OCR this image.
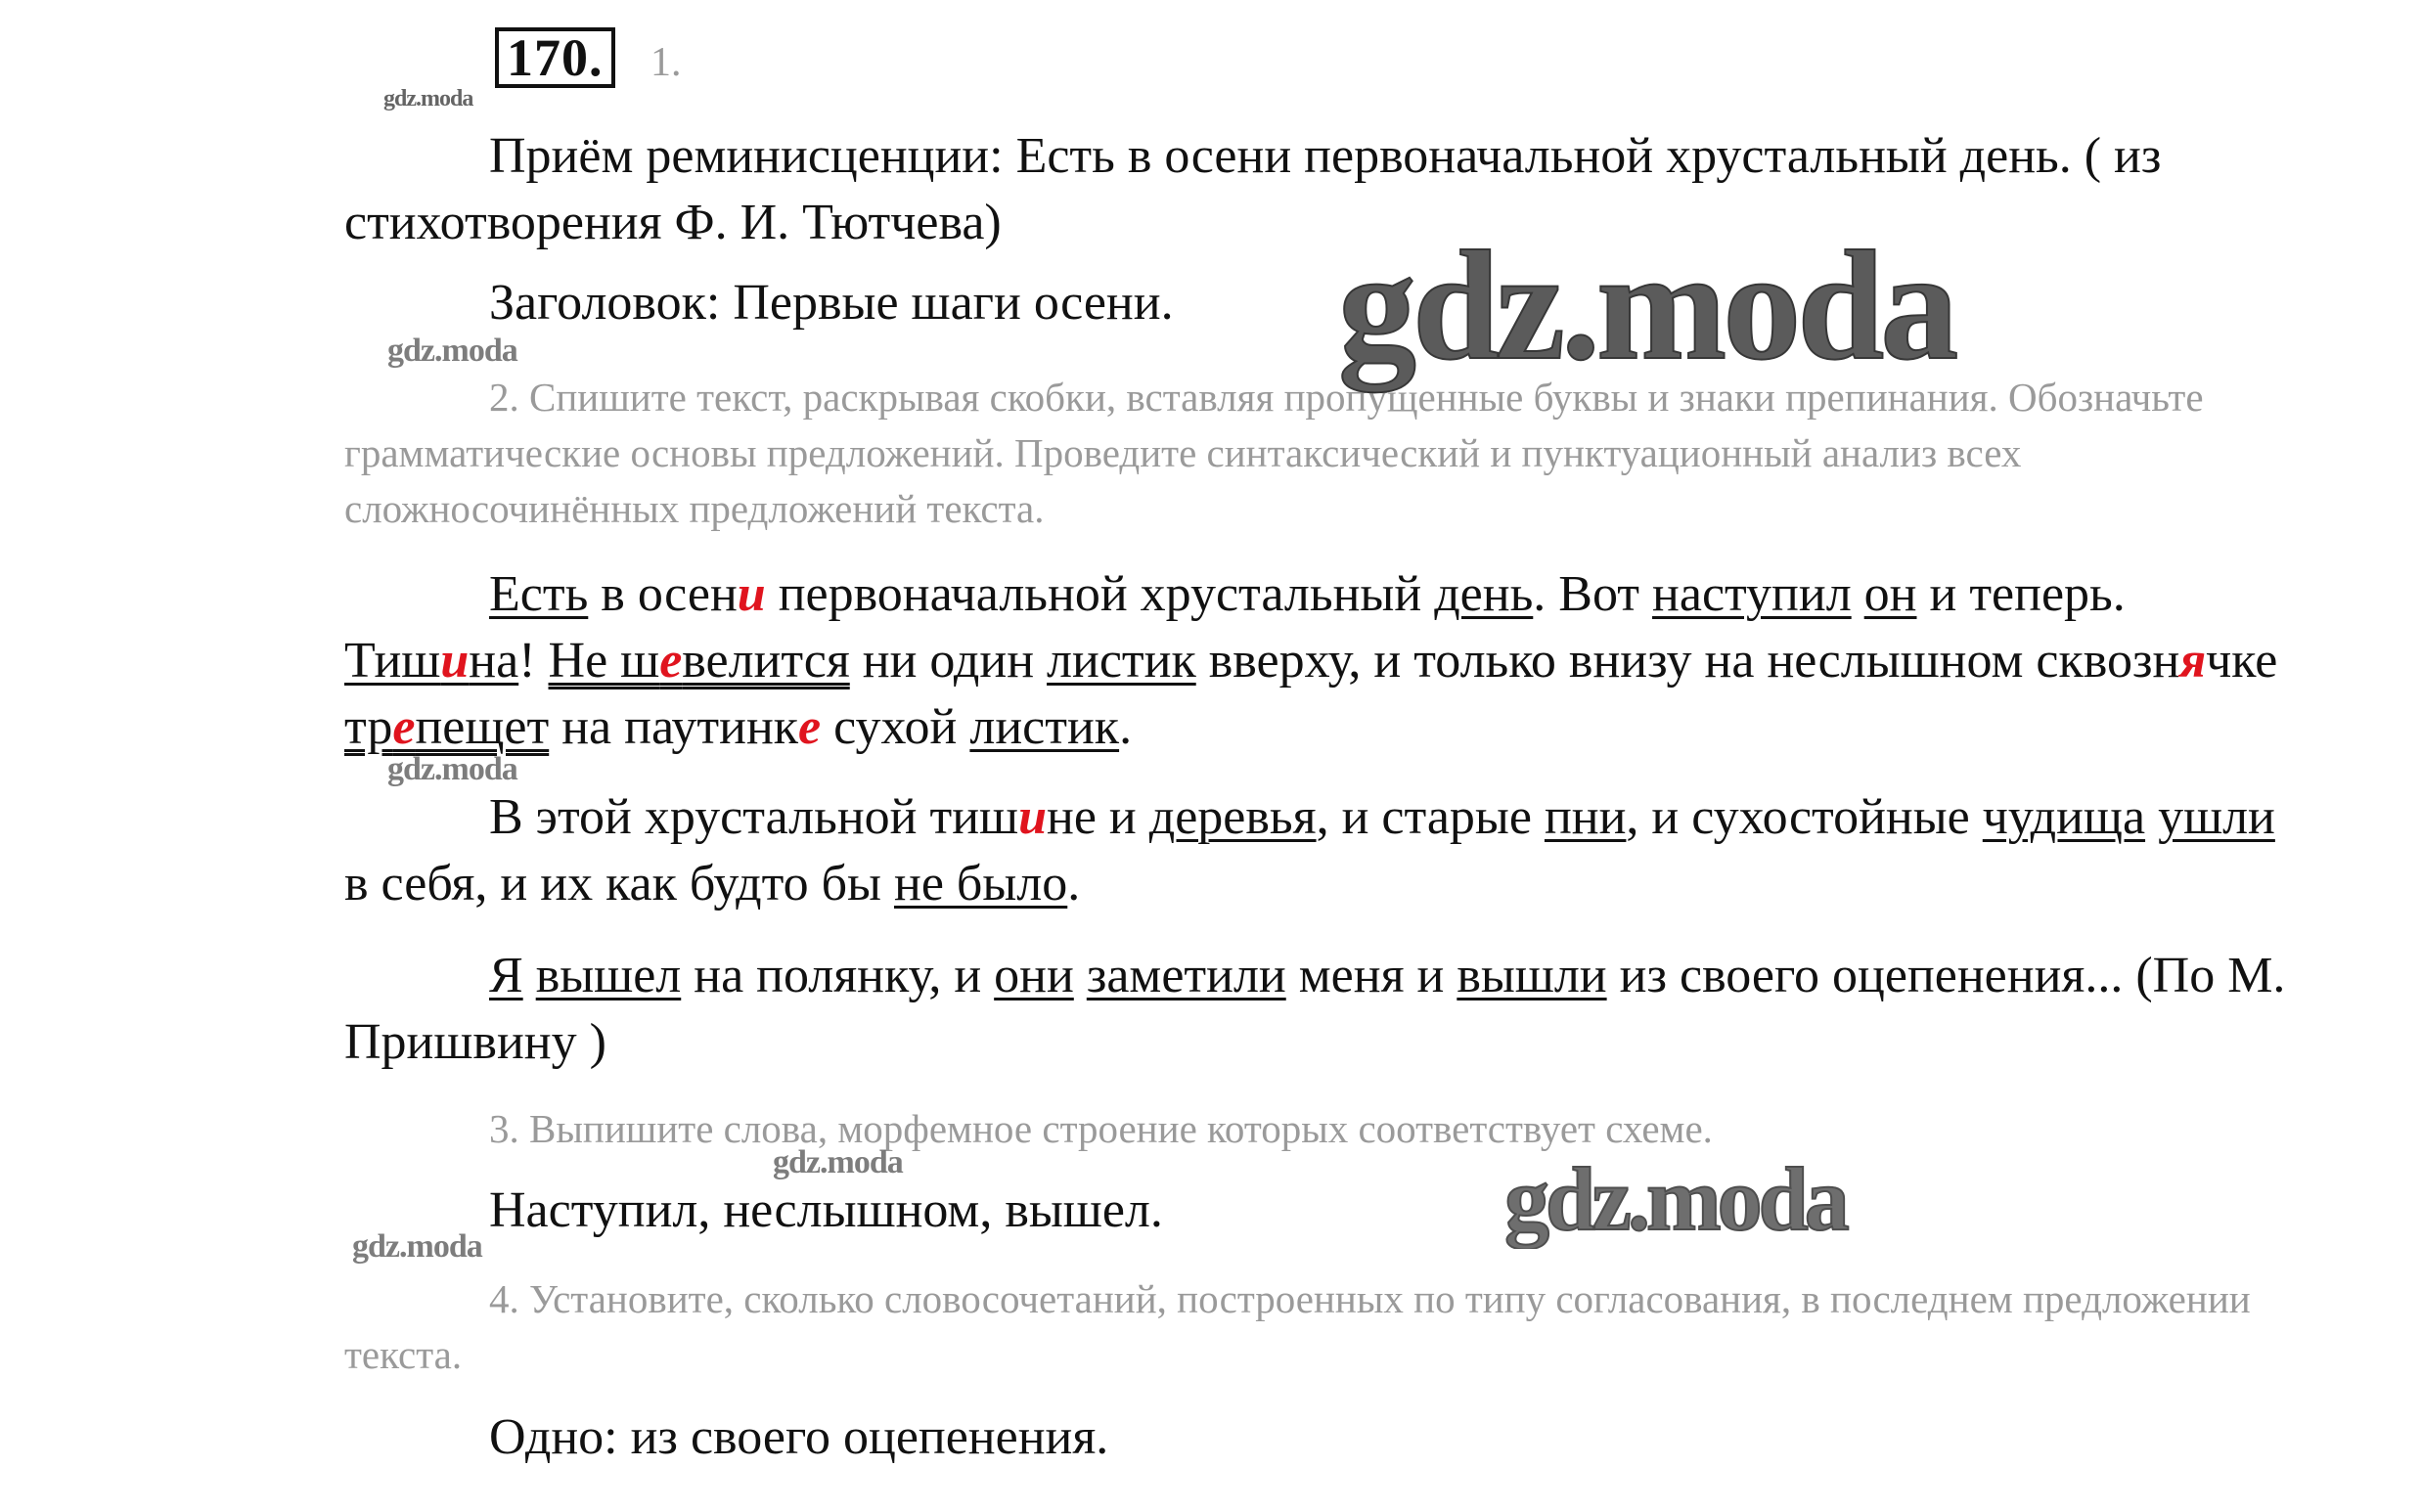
170. 1.

Приём реминисценции: Есть в осени первоначальной хрустальный день. ( из стихотворения Ф. И. Тютчева)

Заголовок: Первые шаги осени.

2. Спишите текст, раскрывая скобки, вставляя пропущенные буквы и знаки препинания. Обозначьте грамматические основы предложений. Проведите синтаксический и пунктуационный анализ всех сложносочинённых предложений текста.

Есть в осени первоначальной хрустальный день. Вот наступил он и теперь. Тишина! Не шевелится ни один листик вверху, и только внизу на неслышном сквознячке трепещет на паутинке сухой листик.

В этой хрустальной тишине и деревья, и старые пни, и сухостойные чудища ушли в себя, и их как будто бы не было.

Я вышел на полянку, и они заметили меня и вышли из своего оцепенения... (По М. Пришвину )

3. Выпишите слова, морфемное строение которых соответствует схеме.

Наступил, неслышном, вышел.

4. Установите, сколько словосочетаний, построенных по типу согласования, в последнем предложении текста.

Одно: из своего оцепенения.

gdz.moda
gdz.moda
gdz.moda
gdz.moda
gdz.moda
gdz.moda
gdz.moda
